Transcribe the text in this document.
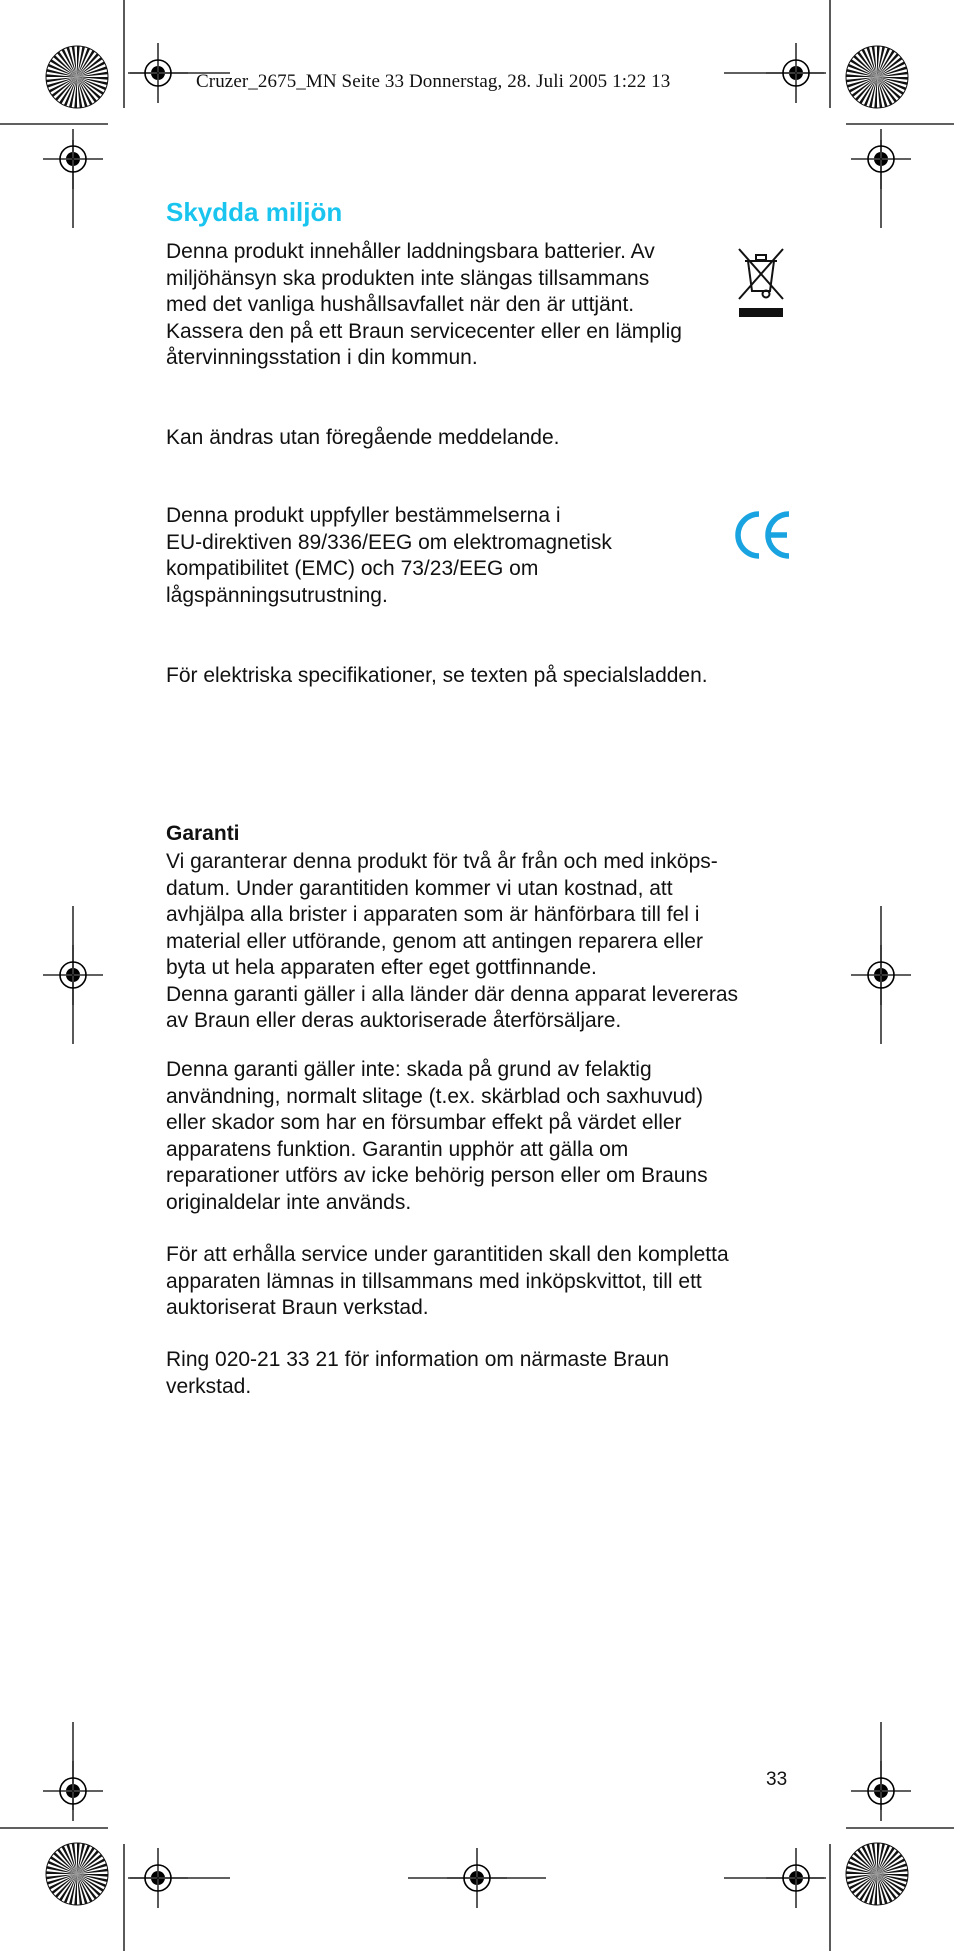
Cruzer_2675_MN Seite 33 Donnerstag, 28. Juli 2005 1:22 13
Skydda miljön

Denna produkt innehåller laddningsbara batterier. Av
miljöhänsyn ska produkten inte slängas tillsammans
med det vanliga hushållsavfallet när den är uttjänt.
Kassera den på ett Braun servicecenter eller en lämplig
återvinningsstation i din kommun.

Kan ändras utan föregående meddelande.

Denna produkt uppfyller bestämmelserna i
EU-direktiven 89/336/EEG om elektromagnetisk
kompatibilitet (EMC) och 73/23/EEG om
lågspänningsutrustning.

För elektriska specifikationer, se texten på specialsladden.

Garanti

Vi garanterar denna produkt för två år från och med inköps-
datum. Under garantitiden kommer vi utan kostnad, att
avhjälpa alla brister i apparaten som är hänförbara till fel i
material eller utförande, genom att antingen reparera eller
byta ut hela apparaten efter eget gottfinnande.
Denna garanti gäller i alla länder där denna apparat levereras
av Braun eller deras auktoriserade återförsäljare.

Denna garanti gäller inte: skada på grund av felaktig
användning, normalt slitage (t.ex. skärblad och saxhuvud)
eller skador som har en försumbar effekt på värdet eller
apparatens funktion. Garantin upphör att gälla om
reparationer utförs av icke behörig person eller om Brauns
originaldelar inte används.

För att erhålla service under garantitiden skall den kompletta
apparaten lämnas in tillsammans med inköpskvittot, till ett
auktoriserat Braun verkstad.

Ring 020-21 33 21 för information om närmaste Braun
verkstad.

33
